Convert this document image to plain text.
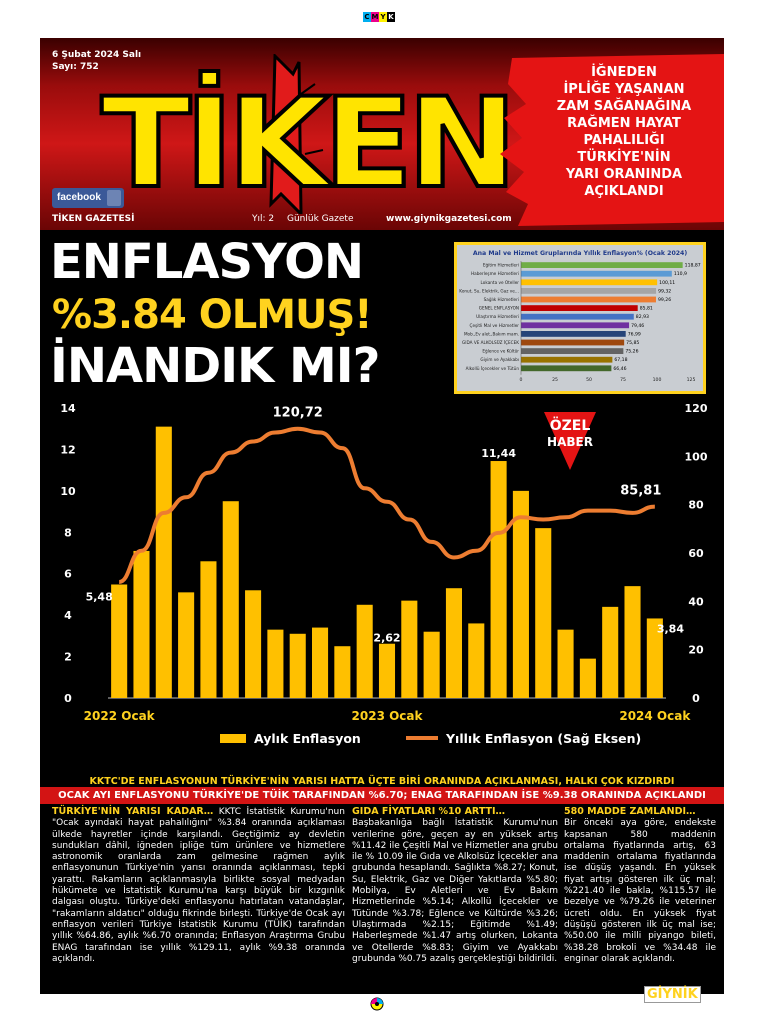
C M Y K
6 Şubat 2024 Salı
Sayı: 752
TİKEN
facebook
TİKEN GAZETESİ	Yıl: 2 Günlük Gazete	www.giynikgazetesi.com
İĞNEDEN
İPLİĞE YAŞANAN
ZAM SAĞANAĞINA
RAĞMEN HAYAT
PAHALILIĞI
TÜRKİYE'NİN
YARI ORANINDA
AÇIKLANDI
ENFLASYON
%3.84 OLMUŞ!
İNANDIK MI?
Ana Mal ve Hizmet Gruplarında Yıllık Enflasyon% (Ocak 2024)
Eğitim Hizmetleri	118,87
Haberleşme Hizmetleri	110,9
Lokanta ve Oteller	100,11
Konut, Su, Elektrik, Gaz ve…	99,32
Sağlık Hizmetleri	99,26
GENEL ENFLASYON	85,81
Ulaştırma Hizmetleri	82,93
Çeşitli Mal ve Hizmetler	79,46
Mob.,Ev alet.,Bakım mam.	76,99
GIDA VE ALKOLSÜZ İÇECEK	75,85
Eğlence ve Kültür	75,26
Giyim ve Ayakkabı	67,18
Alkollü İçecekler ve Tütün	66,46
0	25	50	75	100	125
ÖZEL
HABER
0
2
4
6
8
10
12
14
0
20
40
60
80
100
120
5,48
2,62
11,44
3,84
120,72
85,81
2022 Ocak	2023 Ocak	2024 Ocak
Aylık Enflasyon	Yıllık Enflasyon (Sağ Eksen)
KKTC'DE ENFLASYONUN TÜRKİYE'NİN YARISI HATTA ÜÇTE BİRİ ORANINDA AÇIKLANMASI, HALKI ÇOK KIZDIRDI
OCAK AYI ENFLASYONU TÜRKİYE'DE TÜİK TARAFINDAN %6.70; ENAG TARAFINDAN İSE %9.38 ORANINDA AÇIKLANDI
TÜRKİYE'NİN YARISI KADAR… KKTC İstatistik Kurumu'nun "Ocak ayındaki hayat pahalılığını" %3.84 oranında açıklaması ülkede hayretler içinde karşılandı. Geçtiğimiz ay devletin sundukları dâhil, iğneden ipliğe tüm ürünlere ve hizmetlere astronomik oranlarda zam gelmesine rağmen aylık enflasyonunun Türkiye'nin yarısı oranında açıklanması, tepki yarattı. Rakamların açıklanmasıyla birlikte sosyal medyadan hükümete ve İstatistik Kurumu'na karşı büyük bir kızgınlık dalgası oluştu. Türkiye'deki enflasyonu hatırlatan vatandaşlar, "rakamların aldatıcı" olduğu fikrinde birleşti. Türkiye'de Ocak ayı enflasyon verileri Türkiye İstatistik Kurumu (TÜİK) tarafından yıllık %64.86, aylık %6.70 oranında; Enflasyon Araştırma Grubu ENAG tarafından ise yıllık %129.11, aylık %9.38 oranında açıklandı.
GIDA FİYATLARI %10 ARTTI…
Başbakanlığa bağlı İstatistik Kurumu'nun verilerine göre, geçen ay en yüksek artış %11.42 ile Çeşitli Mal ve Hizmetler ana grubu ile % 10.09 ile Gıda ve Alkolsüz İçecekler ana grubunda hesaplandı. Sağlıkta %8.27; Konut, Su, Elektrik, Gaz ve Diğer Yakıtlarda %5.80; Mobilya, Ev Aletleri ve Ev Bakım Hizmetlerinde %5.14; Alkollü İçecekler ve Tütünde %3.78; Eğlence ve Kültürde %3.26; Ulaştırmada %2.15; Eğitimde %1.49; Haberleşmede %1.47 artış olurken, Lokanta ve Otellerde %8.83; Giyim ve Ayakkabı grubunda %0.75 azalış gerçekleştiği bildirildi.
580 MADDE ZAMLANDI…
Bir önceki aya göre, endekste kapsanan 580 maddenin ortalama fiyatlarında artış, 63 maddenin ortalama fiyatlarında ise düşüş yaşandı. En yüksek fiyat artışı gösteren ilk üç mal; %221.40 ile bakla, %115.57 ile bezelye ve %79.26 ile veteriner ücreti oldu. En yüksek fiyat düşüşü gösteren ilk üç mal ise; %50.00 ile milli piyango bileti, %38.28 brokoli ve %34.48 ile enginar olarak açıklandı.
GİYNİK
